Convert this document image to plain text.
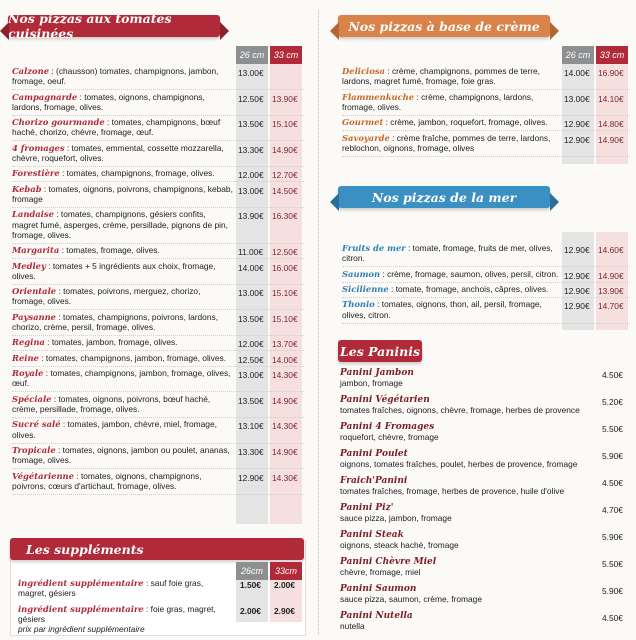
Nos pizzas aux tomates cuisinées
26 cm 33 cm
Calzone : (chausson) tomates, champignons, jambon, fromage, oeuf.
13.00€
Campagnarde : tomates, oignons, champignons, lardons, fromage, olives.
12.50€ 13.90€
Chorizo gourmande : tomates, champignons, bœuf haché, chorizo, chèvre, fromage, œuf.
13.50€ 15.10€
4 fromages : tomates, emmental, cossette mozzarella, chèvre, roquefort, olives.
13.30€ 14.90€
Forestière : tomates, champignons, fromage, olives.	12.00€ 12.70€
Kebab : tomates, oignons, poivrons, champignons, kebab, fromage
13.00€ 14.50€
Landaise : tomates, champignons, gésiers confits, magret fumé, asperges, crème, persillade, pignons de pin, fromage, olives.
13.90€ 16.30€
Margarita : tomates, fromage, olives.	11.00€ 12.50€
Medley : tomates + 5 ingrédients aux choix, fromage, olives.
14.00€ 16.00€
Orientale : tomates, poivrons, merguez, chorizo, fromage, olives.
13.00€ 15.10€
Paysanne : tomates, champignons, poivrons, lardons, chorizo, crème, persil, fromage, olives.
13.50€ 15.10€
Regina : tomates, jambon, fromage, olives.	12.00€ 13.70€
Reine : tomates, champignons, jambon, fromage, olives.	12.50€ 14.00€
Royale : tomates, champignons, jambon, fromage, olives, œuf.
13.00€ 14.30€
Spéciale : tomates, oignons, poivrons, bœuf haché, crème, persillade, fromage, olives.
13.50€ 14.90€
Sucré salé : tomates, jambon, chèvre, miel, fromage, olives.
13.10€ 14.30€
Tropicale : tomates, oignons, jambon ou poulet, ananas, fromage, olives.
13.30€ 14.90€
Végétarienne : tomates, oignons, champignons, poivrons, cœurs d'artichaut, fromage, olives.
12.90€ 14.30€
Les suppléments
26cm 33cm
ingrédient supplémentaire : sauf foie gras, magret, gésiers
1.50€ 2.00€
ingrédient supplémentaire : foie gras, magret, gésiers
2.00€ 2.90€
prix par ingrédient supplémentaire
Nos pizzas à base de crème
26 cm 33 cm
Deliciosa : crème, champignons, pommes de terre, lardons, magret fumé, fromage, foie gras.
14.00€ 16.90€
Flammenkuche : crème, champignons, lardons, fromage, olives.
13.00€ 14.10€
Gourmet : crème, jambon, roquefort, fromage, olives.	12.90€ 14.80€
Savoyarde : crème fraîche, pommes de terre, lardons, reblochon, oignons, fromage, olives
12.90€ 14.90€
Nos pizzas de la mer
Fruits de mer : tomate, fromage, fruits de mer, olives, citron.
12.90€ 14.60€
Saumon : crème, fromage, saumon, olives, persil, citron. 12.90€ 14.90€
Sicilienne : tomate, fromage, anchois, câpres, olives.	12.90€ 13.90€
Thonio : tomates, oignons, thon, ail, persil, fromage, olives, citron.
12.90€ 14.70€
Les Paninis
Panini Jambon
jambon, fromage
4.50€
Panini Végétarien
tomates fraîches, oignons, chèvre, fromage, herbes de provence
5.20€
Panini 4 Fromages
roquefort, chèvre, fromage
5.50€
Panini Poulet
oignons, tomates fraîches, poulet, herbes de provence, fromage
5.90€
Fraich'Panini
tomates fraîches, fromage, herbes de provence, huile d'olive
4.50€
Panini Piz'
sauce pizza, jambon, fromage
4.70€
Panini Steak
oignons, steack haché, fromage
5.90€
Panini Chèvre Miel
chèvre, fromage, miel
5.50€
Panini Saumon
sauce pizza, saumon, crème, fromage
5.90€
Panini Nutella
nutella
4.50€
